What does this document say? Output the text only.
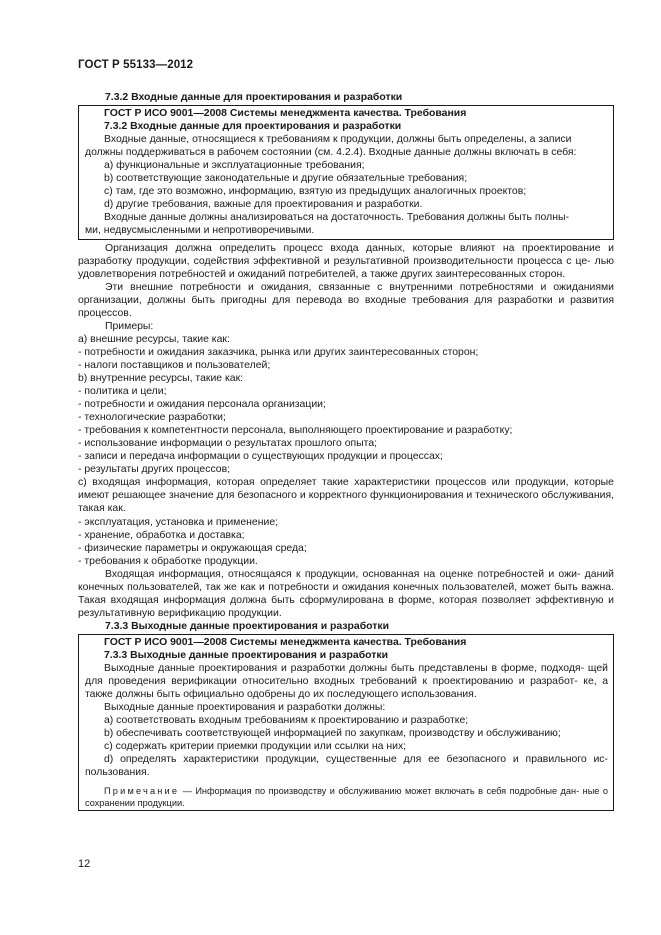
ГОСТ Р 55133—2012

7.3.2 Входные данные для проектирования и разработки

ГОСТ Р ИСО 9001—2008 Системы менеджмента качества. Требования

7.3.2 Входные данные для проектирования и разработки

Входные данные, относящиеся к требованиям к продукции, должны быть определены, а записи

должны поддерживаться в рабочем состоянии (см. 4.2.4). Входные данные должны включать в себя:

а) функциональные и эксплуатационные требования;

b) соответствующие законодательные и другие обязательные требования;

с) там, где это возможно, информацию, взятую из предыдущих аналогичных проектов;

d) другие требования, важные для проектирования и разработки.

Входные данные должны анализироваться на достаточность. Требования должны быть полны-

ми, недвусмысленными и непротиворечивыми.

Организация должна определить процесс входа данных, которые влияют на проектирование и разработку продукции, содействия эффективной и результативной производительности процесса с це- лью удовлетворения потребностей и ожиданий потребителей, а также других заинтересованных сторон.

Эти внешние потребности и ожидания, связанные с внутренними потребностями и ожиданиями организации, должны быть пригодны для перевода во входные требования для разработки и развития процессов.

Примеры:

а) внешние ресурсы, такие как:

- потребности и ожидания заказчика, рынка или других заинтересованных сторон;

- налоги поставщиков и пользователей;

b) внутренние ресурсы, такие как:

- политика и цели;

- потребности и ожидания персонала организации;

- технологические разработки;

- требования к компетентности персонала, выполняющего проектирование и разработку;

- использование информации о результатах прошлого опыта;

- записи и передача информации о существующих продукции и процессах;

- результаты других процессов;

с) входящая информация, которая определяет такие характеристики процессов или продукции, которые имеют решающее значение для безопасного и корректного функционирования и технического обслуживания, такая как.

- эксплуатация, установка и применение;

- хранение, обработка и доставка;

- физические параметры и окружающая среда;

- требования к обработке продукции.

Входящая информация, относящаяся к продукции, основанная на оценке потребностей и ожи- даний конечных пользователей, так же как и потребности и ожидания конечных пользователей, может быть важна. Такая входящая информация должна быть сформулирована в форме, которая позволяет эффективную и результативную верификацию продукции.

7.3.3 Выходные данные проектирования и разработки

ГОСТ Р ИСО 9001—2008 Системы менеджмента качества. Требования

7.3.3 Выходные данные проектирования и разработки

Выходные данные проектирования и разработки должны быть представлены в форме, подходя- щей для проведения верификации относительно входных требований к проектированию и разработ- ке, а также должны быть официально одобрены до их последующего использования.

Выходные данные проектирования и разработки должны:

а) соответствовать входным требованиям к проектированию и разработке;

b) обеспечивать соответствующей информацией по закупкам, производству и обслуживанию;

с) содержать критерии приемки продукции или ссылки на них;

d) определять характеристики продукции, существенные для ее безопасного и правильного ис- пользования.

Примечание — Информация по производству и обслуживанию может включать в себя подробные дан- ные о сохранении продукции.

12
